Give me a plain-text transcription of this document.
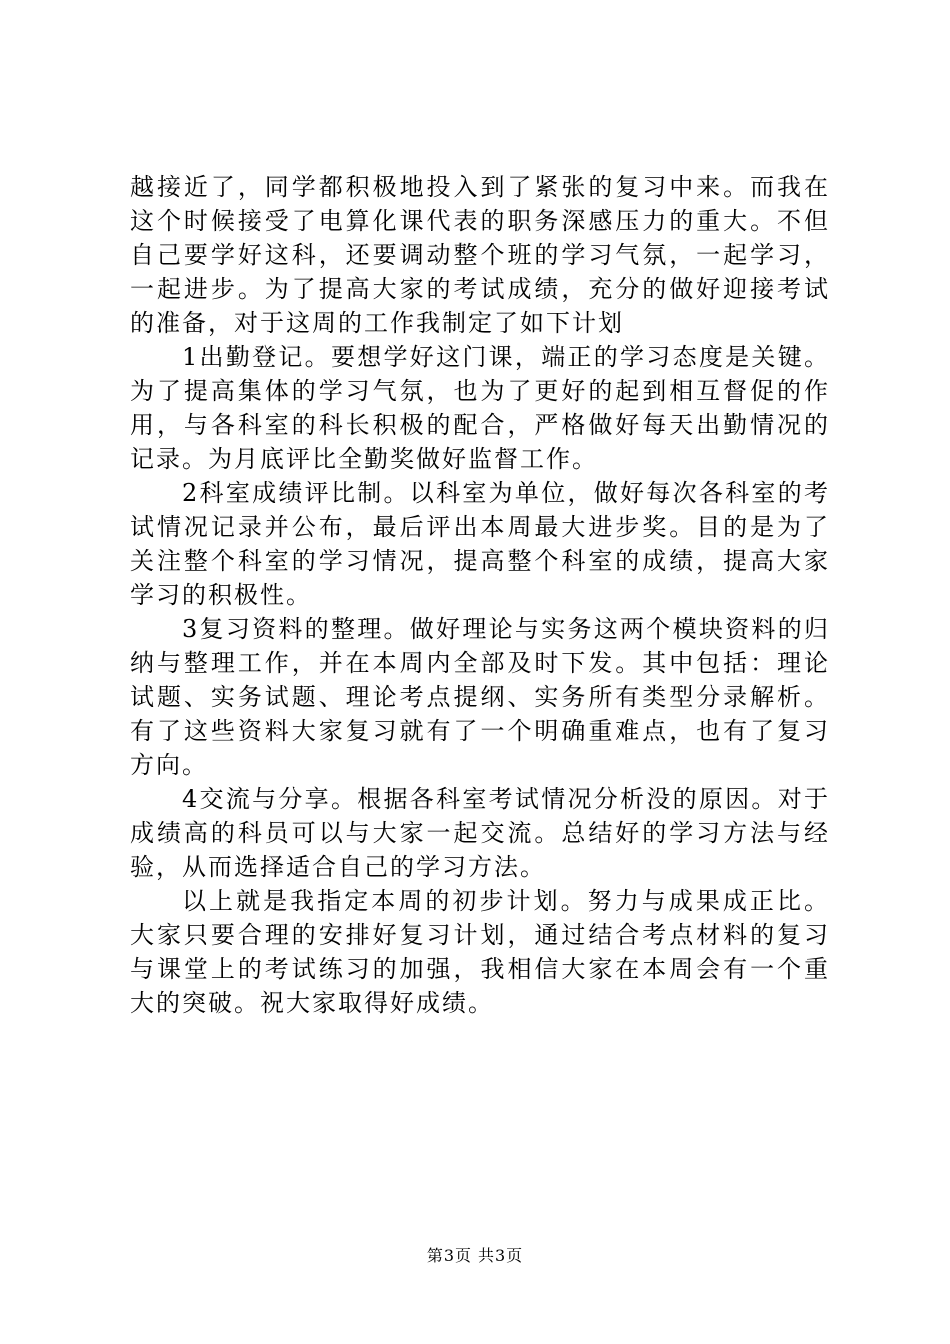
越接近了，同学都积极地投入到了紧张的复习中来。而我在这个时候接受了电算化课代表的职务深感压力的重大。不但自己要学好这科，还要调动整个班的学习气氛，一起学习，一起进步。为了提高大家的考试成绩，充分的做好迎接考试的准备，对于这周的工作我制定了如下计划

1出勤登记。要想学好这门课，端正的学习态度是关键。为了提高集体的学习气氛，也为了更好的起到相互督促的作用，与各科室的科长积极的配合，严格做好每天出勤情况的记录。为月底评比全勤奖做好监督工作。

2科室成绩评比制。以科室为单位，做好每次各科室的考试情况记录并公布，最后评出本周最大进步奖。目的是为了关注整个科室的学习情况，提高整个科室的成绩，提高大家学习的积极性。

3复习资料的整理。做好理论与实务这两个模块资料的归纳与整理工作，并在本周内全部及时下发。其中包括：理论试题、实务试题、理论考点提纲、实务所有类型分录解析。有了这些资料大家复习就有了一个明确重难点，也有了复习方向。

4交流与分享。根据各科室考试情况分析没的原因。对于成绩高的科员可以与大家一起交流。总结好的学习方法与经验，从而选择适合自己的学习方法。

以上就是我指定本周的初步计划。努力与成果成正比。大家只要合理的安排好复习计划，通过结合考点材料的复习与课堂上的考试练习的加强，我相信大家在本周会有一个重大的突破。祝大家取得好成绩。

第3页 共3页
